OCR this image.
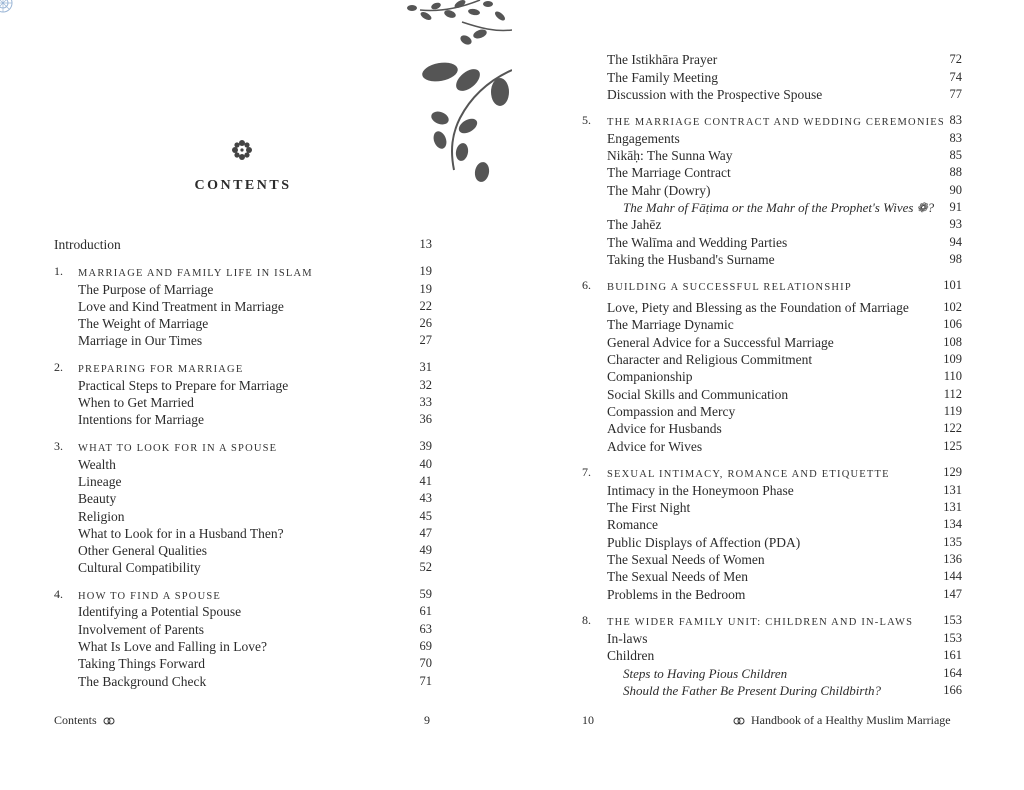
CONTENTS
Introduction	13
1. MARRIAGE AND FAMILY LIFE IN ISLAM	19
The Purpose of Marriage	19
Love and Kind Treatment in Marriage	22
The Weight of Marriage	26
Marriage in Our Times	27
2. PREPARING FOR MARRIAGE	31
Practical Steps to Prepare for Marriage	32
When to Get Married	33
Intentions for Marriage	36
3. WHAT TO LOOK FOR IN A SPOUSE	39
Wealth	40
Lineage	41
Beauty	43
Religion	45
What to Look for in a Husband Then?	47
Other General Qualities	49
Cultural Compatibility	52
4. HOW TO FIND A SPOUSE	59
Identifying a Potential Spouse	61
Involvement of Parents	63
What Is Love and Falling in Love?	69
Taking Things Forward	70
The Background Check	71
Contents	9
The Istikhāra Prayer	72
The Family Meeting	74
Discussion with the Prospective Spouse	77
5. THE MARRIAGE CONTRACT AND WEDDING CEREMONIES 83
Engagements	83
Nikāḥ: The Sunna Way	85
The Marriage Contract	88
The Mahr (Dowry)	90
The Mahr of Fāṭima or the Mahr of the Prophet's Wives ❁?	91
The Jahēz	93
The Walīma and Wedding Parties	94
Taking the Husband's Surname	98
6. BUILDING A SUCCESSFUL RELATIONSHIP	101
Love, Piety and Blessing as the Foundation of Marriage	102
The Marriage Dynamic	106
General Advice for a Successful Marriage	108
Character and Religious Commitment	109
Companionship	110
Social Skills and Communication	112
Compassion and Mercy	119
Advice for Husbands	122
Advice for Wives	125
7. SEXUAL INTIMACY, ROMANCE AND ETIQUETTE	129
Intimacy in the Honeymoon Phase	131
The First Night	131
Romance	134
Public Displays of Affection (PDA)	135
The Sexual Needs of Women	136
The Sexual Needs of Men	144
Problems in the Bedroom	147
8. THE WIDER FAMILY UNIT: CHILDREN AND IN-LAWS	153
In-laws	153
Children	161
Steps to Having Pious Children	164
Should the Father Be Present During Childbirth?	166
10	Handbook of a Healthy Muslim Marriage
